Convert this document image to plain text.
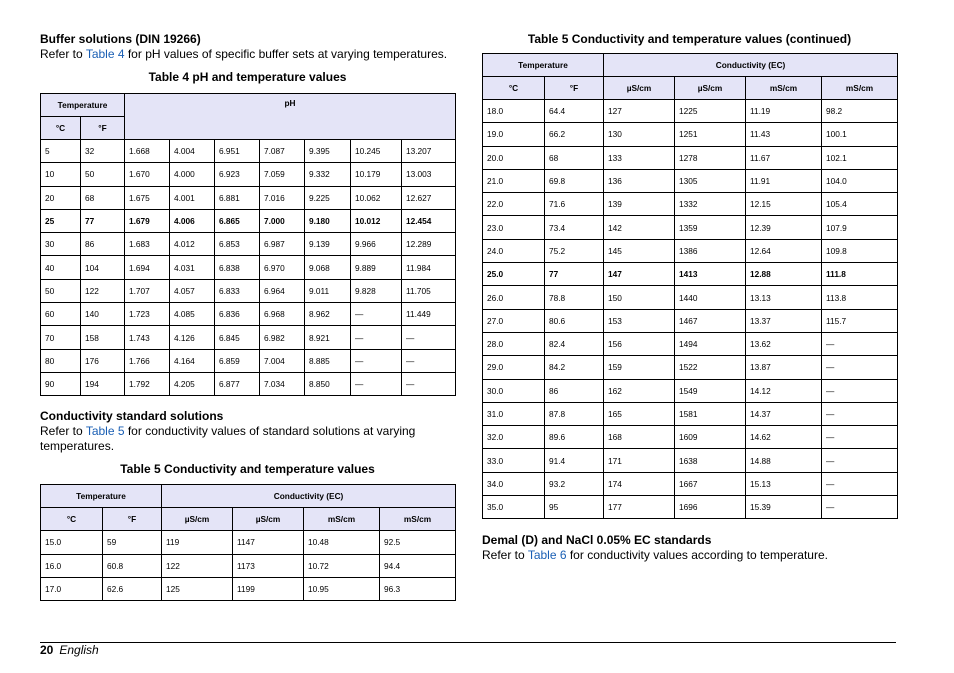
Buffer solutions (DIN 19266)

Refer to Table 4 for pH values of specific buffer sets at varying temperatures.

Table 4 pH and temperature values
Temperature		pH						
°C	°F							
5	32	1.668	4.004	6.951	7.087	9.395	10.245	13.207
10	50	1.670	4.000	6.923	7.059	9.332	10.179	13.003
20	68	1.675	4.001	6.881	7.016	9.225	10.062	12.627
25	77	1.679	4.006	6.865	7.000	9.180	10.012	12.454
30	86	1.683	4.012	6.853	6.987	9.139	9.966	12.289
40	104	1.694	4.031	6.838	6.970	9.068	9.889	11.984
50	122	1.707	4.057	6.833	6.964	9.011	9.828	11.705
60	140	1.723	4.085	6.836	6.968	8.962	—	11.449
70	158	1.743	4.126	6.845	6.982	8.921	—	—
80	176	1.766	4.164	6.859	7.004	8.885	—	—
90	194	1.792	4.205	6.877	7.034	8.850	—	—
Conductivity standard solutions

Refer to Table 5 for conductivity values of standard solutions at varying temperatures.

Table 5 Conductivity and temperature values
Temperature		Conductivity (EC)			
°C	°F	µS/cm	µS/cm	mS/cm	mS/cm
15.0	59	119	1147	10.48	92.5
16.0	60.8	122	1173	10.72	94.4
17.0	62.6	125	1199	10.95	96.3
Table 5 Conductivity and temperature values (continued)
Temperature		Conductivity (EC)			
°C	°F	µS/cm	µS/cm	mS/cm	mS/cm
18.0	64.4	127	1225	11.19	98.2
19.0	66.2	130	1251	11.43	100.1
20.0	68	133	1278	11.67	102.1
21.0	69.8	136	1305	11.91	104.0
22.0	71.6	139	1332	12.15	105.4
23.0	73.4	142	1359	12.39	107.9
24.0	75.2	145	1386	12.64	109.8
25.0	77	147	1413	12.88	111.8
26.0	78.8	150	1440	13.13	113.8
27.0	80.6	153	1467	13.37	115.7
28.0	82.4	156	1494	13.62	—
29.0	84.2	159	1522	13.87	—
30.0	86	162	1549	14.12	—
31.0	87.8	165	1581	14.37	—
32.0	89.6	168	1609	14.62	—
33.0	91.4	171	1638	14.88	—
34.0	93.2	174	1667	15.13	—
35.0	95	177	1696	15.39	—
Demal (D) and NaCl 0.05% EC standards

Refer to Table 6 for conductivity values according to temperature.

20 English
